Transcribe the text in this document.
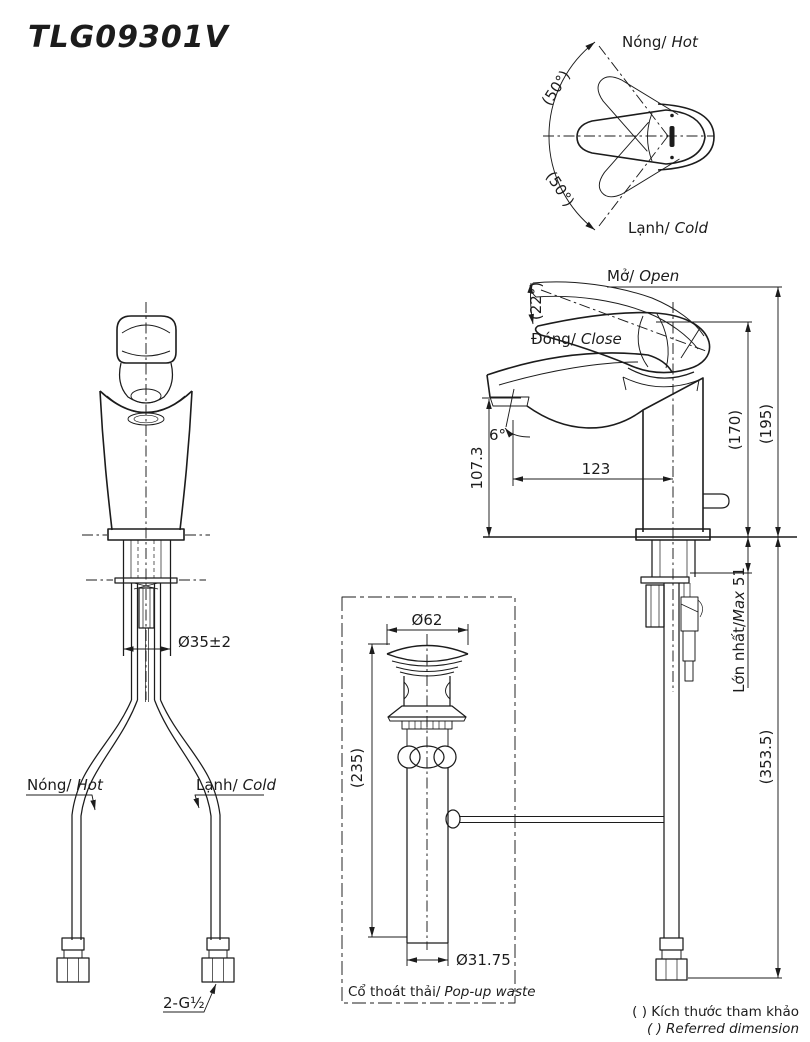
TLG09301V	Nóng/ Hot
Lạnh/ Cold
(50°)
(50°)
6°
(22°)
Mở/ Open
Đóng/ Close
107.3	123
(195)
(170)
Lớn nhất/Max 51
(353.5)
Ø35±2
Nóng/ Hot	Lạnh/ Cold
2-G½
Ø62
(235)
Ø31.75
Cổ thoát thải/ Pop-up waste
( ) Kích thước tham khảo
( ) Referred dimension
